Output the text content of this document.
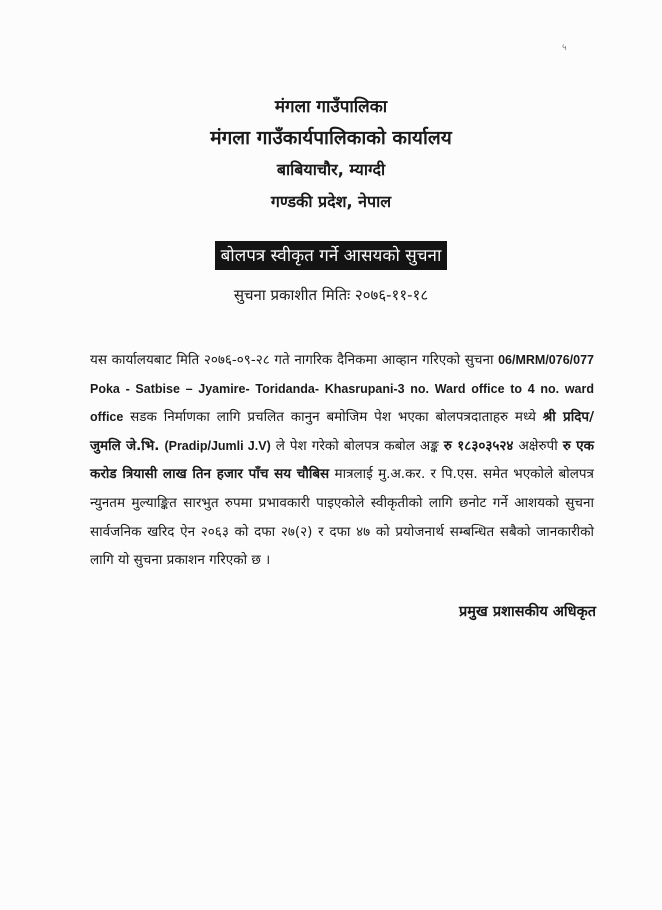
५
मंगला गाउँपालिका
मंगला गाउँकार्यपालिकाको कार्यालय
बाबियाचौर, म्याग्दी
गण्डकी प्रदेश, नेपाल
बोलपत्र स्वीकृत गर्ने आसयको सुचना
सुचना प्रकाशीत मितिः २०७६-११-१८
यस कार्यालयबाट मिति २०७६-०९-२८ गते नागरिक दैनिकमा आव्हान गरिएको सुचना 06/MRM/076/077 Poka - Satbise – Jyamire- Toridanda- Khasrupani-3 no. Ward office to 4 no. ward office सडक निर्माणका लागि प्रचलित कानुन बमोजिम पेश भएका बोलपत्रदाताहरु मध्ये श्री प्रदिप/जुमलि जे.भि. (Pradip/Jumli J.V) ले पेश गरेको बोलपत्र कबोल अङ्क रु १८३०३५२४ अक्षेरुपी रु एक करोड त्रियासी लाख तिन हजार पाँच सय चौबिस मात्रलाई मु.अ.कर. र पि.एस. समेत भएकोले बोलपत्र न्युनतम मुल्याङ्कित सारभुत रुपमा प्रभावकारी पाइएकोले स्वीकृतीको लागि छनोट गर्ने आशयको सुचना सार्वजनिक खरिद ऐन २०६३ को दफा २७(२) र दफा ४७ को प्रयोजनार्थ सम्बन्धित सबैको जानकारीको लागि यो सुचना प्रकाशन गरिएको छ ।
प्रमुख प्रशासकीय अधिकृत
